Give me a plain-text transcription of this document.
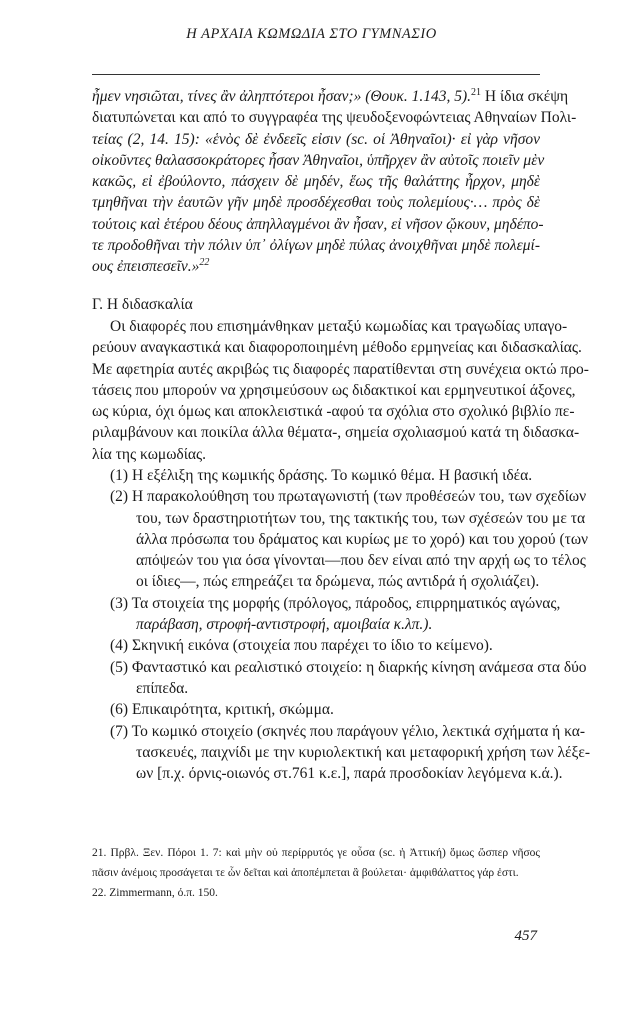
Η ΑΡΧΑΙΑ ΚΩΜΩΔΙΑ ΣΤΟ ΓΥΜΝΑΣΙΟ
ἦμεν νησιῶται, τίνες ἂν ἀληπτότεροι ἦσαν;» (Θουκ. 1.143, 5).$^{21}$ Η ίδια σκέψη
διατυπώνεται και από το συγγραφέα της ψευδοξενοφώντειας Αθηναίων Πολι-
τείας (2, 14. 15): «ἑνὸς δὲ ἐνδεεῖς εἰσιν (sc. οἱ Ἀθηναῖοι)· εἰ γὰρ νῆσον
οἰκοῦντες θαλασσοκράτορες ἦσαν Ἀθηναῖοι, ὑπῆρχεν ἂν αὐτοῖς ποιεῖν μὲν
κακῶς, εἰ ἐβούλοντο, πάσχειν δὲ μηδέν, ἕως τῆς θαλάττης ἦρχον, μηδὲ
τμηθῆναι τὴν ἑαυτῶν γῆν μηδὲ προσδέχεσθαι τοὺς πολεμίους·… πρὸς δὲ
τούτοις καὶ ἑτέρου δέους ἀπηλλαγμένοι ἂν ἦσαν, εἰ νῆσον ᾤκουν, μηδέπο-
τε προδοθῆναι τὴν πόλιν ὑπ᾽ ὀλίγων μηδὲ πύλας ἀνοιχθῆναι μηδὲ πολεμί-
ους ἐπεισπεσεῖν.»$^{22}$
Γ. Η διδασκαλία
Οι διαφορές που επισημάνθηκαν μεταξύ κωμωδίας και τραγωδίας υπαγο-
ρεύουν αναγκαστικά και διαφοροποιημένη μέθοδο ερμηνείας και διδασκαλίας.
Με αφετηρία αυτές ακριβώς τις διαφορές παρατίθενται στη συνέχεια οκτώ προ-
τάσεις που μπορούν να χρησιμεύσουν ως διδακτικοί και ερμηνευτικοί άξονες,
ως κύρια, όχι όμως και αποκλειστικά -αφού τα σχόλια στο σχολικό βιβλίο πε-
ριλαμβάνουν και ποικίλα άλλα θέματα-, σημεία σχολιασμού κατά τη διδασκα-
λία της κωμωδίας.
(1) Η εξέλιξη της κωμικής δράσης. Το κωμικό θέμα. Η βασική ιδέα.
(2) Η παρακολούθηση του πρωταγωνιστή (των προθέσεών του, των σχεδίων
του, των δραστηριοτήτων του, της τακτικής του, των σχέσεών του με τα
άλλα πρόσωπα του δράματος και κυρίως με το χορό) και του χορού (των
απόψεών του για όσα γίνονται—που δεν είναι από την αρχή ως το τέλος
οι ίδιες—, πώς επηρεάζει τα δρώμενα, πώς αντιδρά ή σχολιάζει).
(3) Τα στοιχεία της μορφής (πρόλογος, πάροδος, επιρρηματικός αγώνας,
παράβαση, στροφή-αντιστροφή, αμοιβαία κ.λπ.).
(4) Σκηνική εικόνα (στοιχεία που παρέχει το ίδιο το κείμενο).
(5) Φανταστικό και ρεαλιστικό στοιχείο: η διαρκής κίνηση ανάμεσα στα δύο
επίπεδα.
(6) Επικαιρότητα, κριτική, σκώμμα.
(7) Το κωμικό στοιχείο (σκηνές που παράγουν γέλιο, λεκτικά σχήματα ή κα-
τασκευές, παιχνίδι με την κυριολεκτική και μεταφορική χρήση των λέξε-
ων [π.χ. όρνις-οιωνός στ.761 κ.ε.], παρά προσδοκίαν λεγόμενα κ.ά.).
21. Πρβλ. Ξεν. Πόροι 1. 7: καὶ μὴν οὐ περίρρυτός γε οὖσα (sc. ἡ Ἀττική) ὅμως ὥσπερ νῆσος
πᾶσιν ἀνέμοις προσάγεται τε ὧν δεῖται καὶ ἀποπέμπεται ἃ βούλεται· ἀμφιθάλαττος γάρ ἐστι.
22. Zimmermann, ό.π. 150.
457
